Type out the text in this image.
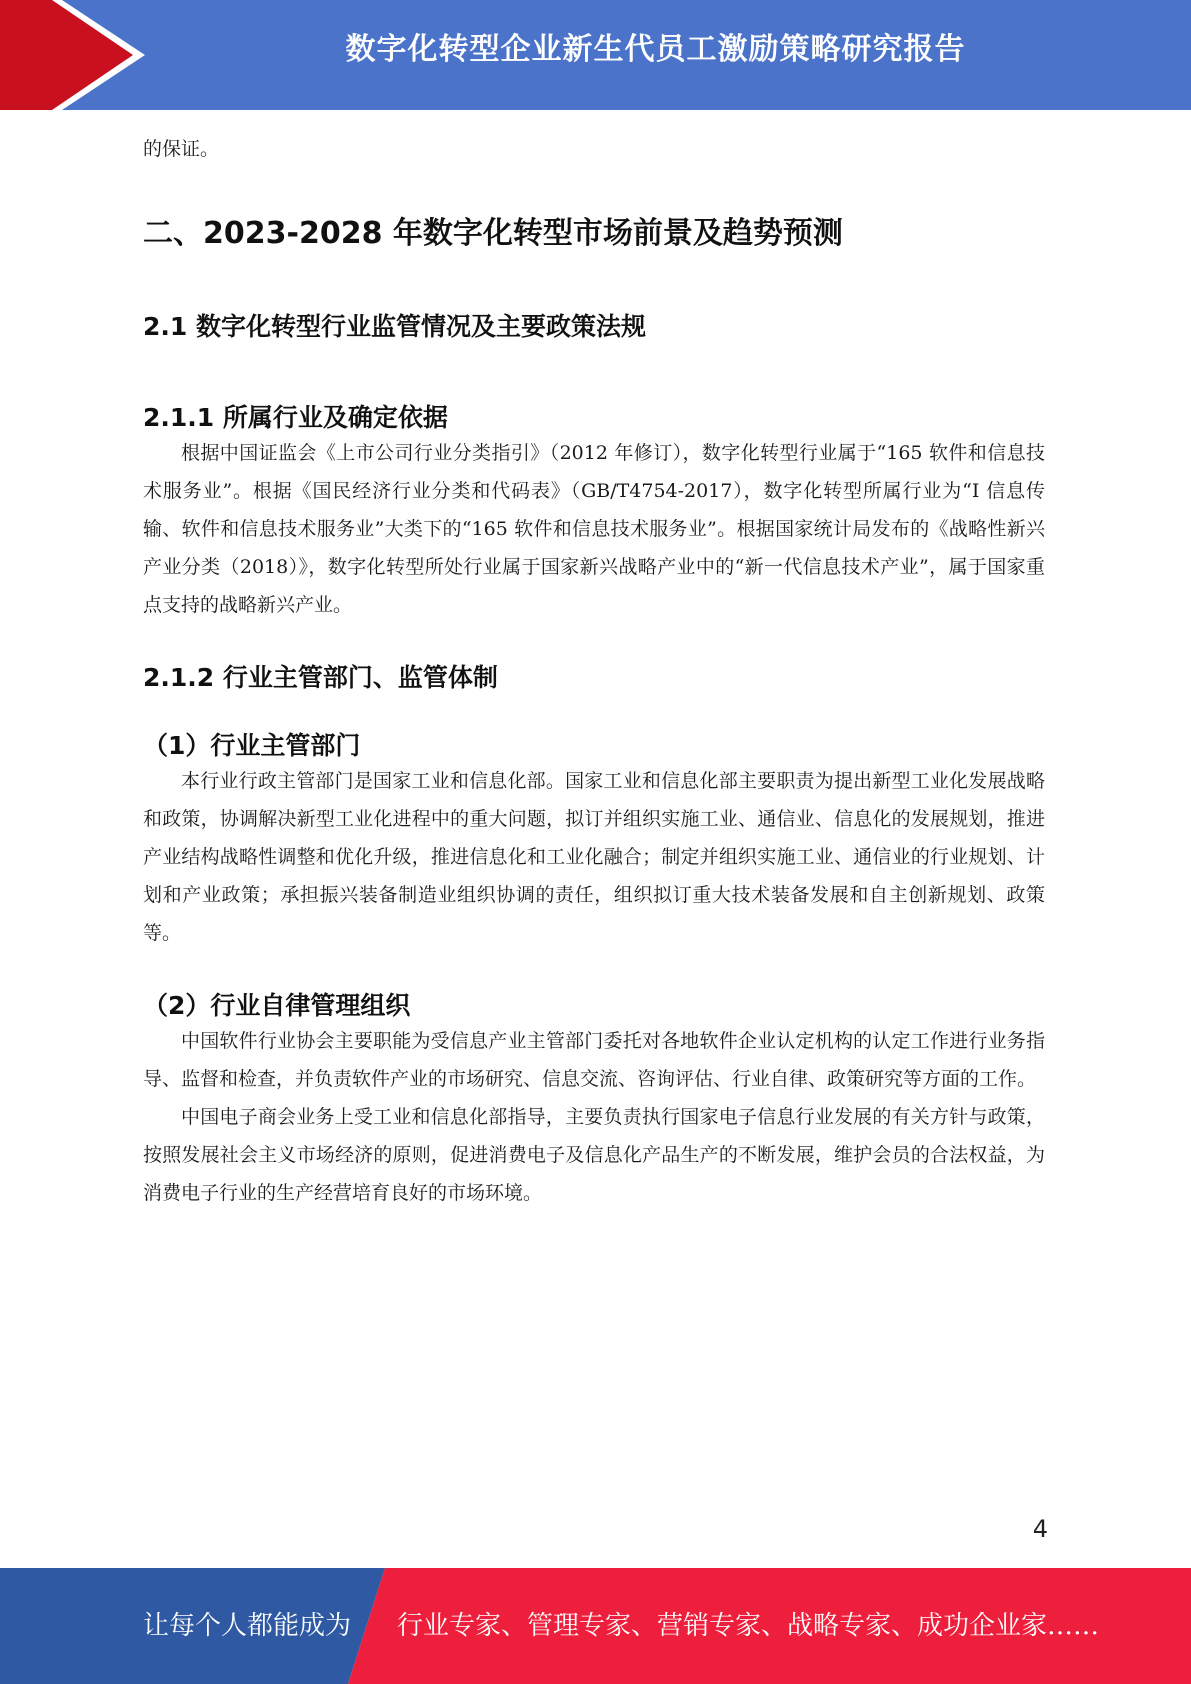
数字化转型企业新生代员工激励策略研究报告

的保证。

二、2023-2028 年数字化转型市场前景及趋势预测
2.1 数字化转型行业监管情况及主要政策法规
2.1.1 所属行业及确定依据

根据中国证监会《上市公司行业分类指引》（2012 年修订），数字化转型行业属于“165 软件和信息技术服务业”。根据《国民经济行业分类和代码表》（GB/T4754-2017），数字化转型所属行业为“I 信息传输、软件和信息技术服务业”大类下的“165 软件和信息技术服务业”。根据国家统计局发布的《战略性新兴产业分类（2018）》，数字化转型所处行业属于国家新兴战略产业中的“新一代信息技术产业”，属于国家重点支持的战略新兴产业。

2.1.2 行业主管部门、监管体制
（1）行业主管部门

本行业行政主管部门是国家工业和信息化部。国家工业和信息化部主要职责为提出新型工业化发展战略和政策，协调解决新型工业化进程中的重大问题，拟订并组织实施工业、通信业、信息化的发展规划，推进产业结构战略性调整和优化升级，推进信息化和工业化融合；制定并组织实施工业、通信业的行业规划、计划和产业政策；承担振兴装备制造业组织协调的责任，组织拟订重大技术装备发展和自主创新规划、政策等。

（2）行业自律管理组织

中国软件行业协会主要职能为受信息产业主管部门委托对各地软件企业认定机构的认定工作进行业务指导、监督和检查，并负责软件产业的市场研究、信息交流、咨询评估、行业自律、政策研究等方面的工作。

中国电子商会业务上受工业和信息化部指导，主要负责执行国家电子信息行业发展的有关方针与政策，按照发展社会主义市场经济的原则，促进消费电子及信息化产品生产的不断发展，维护会员的合法权益，为消费电子行业的生产经营培育良好的市场环境。

4
让每个人都能成为 行业专家、管理专家、营销专家、战略专家、成功企业家……
